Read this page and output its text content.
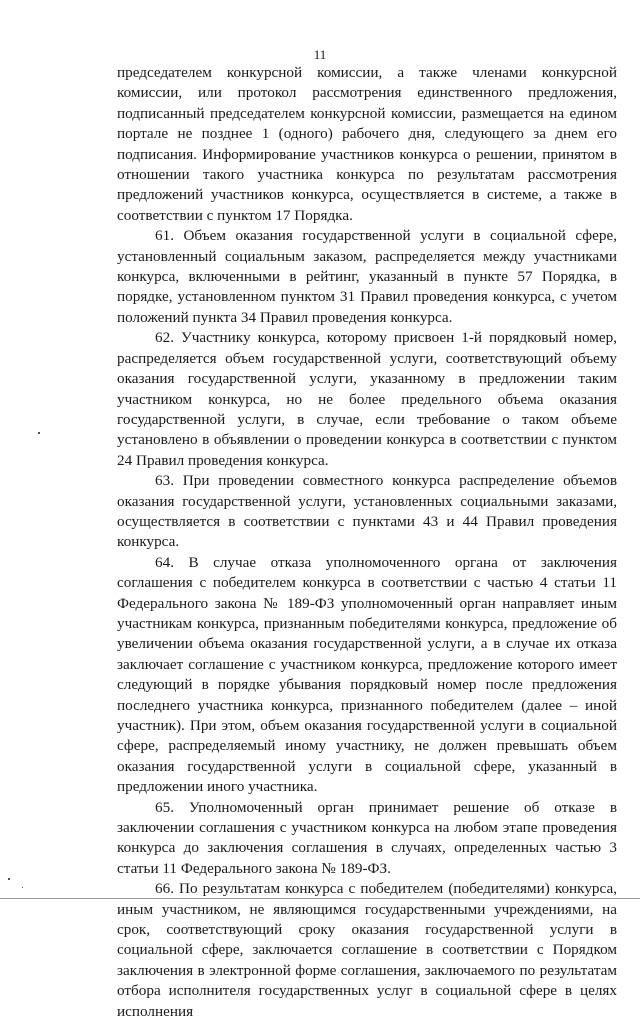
11

председателем конкурсной комиссии, а также членами конкурсной комиссии, или протокол рассмотрения единственного предложения, подписанный председателем конкурсной комиссии, размещается на едином портале не позднее 1 (одного) рабочего дня, следующего за днем его подписания. Информирование участников конкурса о решении, принятом в отношении такого участника конкурса по результатам рассмотрения предложений участников конкурса, осуществляется в системе, а также в соответствии с пунктом 17 Порядка.

61. Объем оказания государственной услуги в социальной сфере, установленный социальным заказом, распределяется между участниками конкурса, включенными в рейтинг, указанный в пункте 57 Порядка, в порядке, установленном пунктом 31 Правил проведения конкурса, с учетом положений пункта 34 Правил проведения конкурса.

62. Участнику конкурса, которому присвоен 1-й порядковый номер, распределяется объем государственной услуги, соответствующий объему оказания государственной услуги, указанному в предложении таким участником конкурса, но не более предельного объема оказания государственной услуги, в случае, если требование о таком объеме установлено в объявлении о проведении конкурса в соответствии с пунктом 24 Правил проведения конкурса.

63. При проведении совместного конкурса распределение объемов оказания государственной услуги, установленных социальными заказами, осуществляется в соответствии с пунктами 43 и 44 Правил проведения конкурса.

64. В случае отказа уполномоченного органа от заключения соглашения с победителем конкурса в соответствии с частью 4 статьи 11 Федерального закона № 189-ФЗ уполномоченный орган направляет иным участникам конкурса, признанным победителями конкурса, предложение об увеличении объема оказания государственной услуги, а в случае их отказа заключает соглашение с участником конкурса, предложение которого имеет следующий в порядке убывания порядковый номер после предложения последнего участника конкурса, признанного победителем (далее – иной участник). При этом, объем оказания государственной услуги в социальной сфере, распределяемый иному участнику, не должен превышать объем оказания государственной услуги в социальной сфере, указанный в предложении иного участника.

65. Уполномоченный орган принимает решение об отказе в заключении соглашения с участником конкурса на любом этапе проведения конкурса до заключения соглашения в случаях, определенных частью 3 статьи 11 Федерального закона № 189-ФЗ.

66. По результатам конкурса с победителем (победителями) конкурса, иным участником, не являющимся государственными учреждениями, на срок, соответствующий сроку оказания государственной услуги в социальной сфере, заключается соглашение в соответствии с Порядком заключения в электронной форме соглашения, заключаемого по результатам отбора исполнителя государственных услуг в социальной сфере в целях исполнения
